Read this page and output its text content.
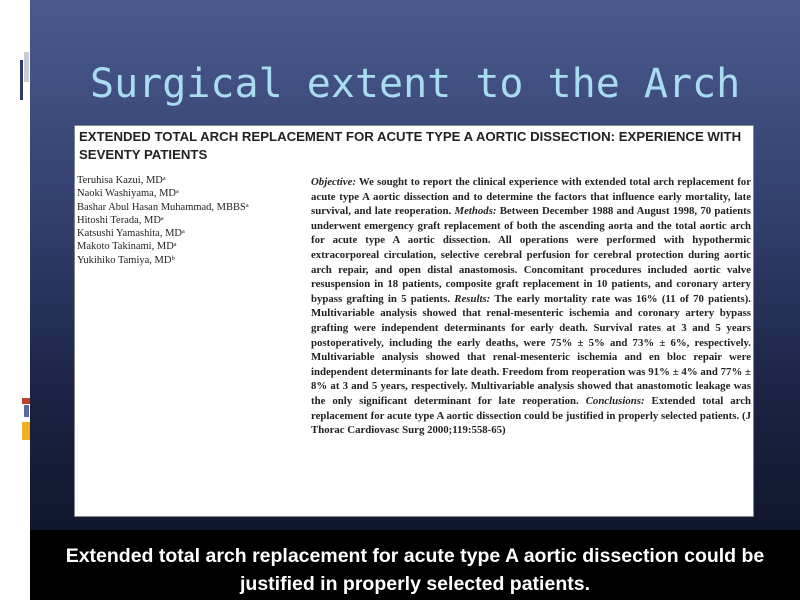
Surgical extent to the Arch
EXTENDED TOTAL ARCH REPLACEMENT FOR ACUTE TYPE A AORTIC DISSECTION: EXPERIENCE WITH SEVENTY PATIENTS
Teruhisa Kazui, MDᵃ
Naoki Washiyama, MDᵃ
Bashar Abul Hasan Muhammad, MBBSᵃ
Hitoshi Terada, MDᵃ
Katsushi Yamashita, MDᵃ
Makoto Takinami, MDᵃ
Yukihiko Tamiya, MDᵇ
Objective: We sought to report the clinical experience with extended total arch replacement for acute type A aortic dissection and to determine the factors that influence early mortality, late survival, and late reoperation. Methods: Between December 1988 and August 1998, 70 patients underwent emergency graft replacement of both the ascending aorta and the total aortic arch for acute type A aortic dissection. All operations were performed with hypothermic extracorporeal circulation, selective cerebral perfusion for cerebral protection during aortic arch repair, and open distal anastomosis. Concomitant procedures included aortic valve resuspension in 18 patients, composite graft replacement in 10 patients, and coronary artery bypass grafting in 5 patients. Results: The early mortality rate was 16% (11 of 70 patients). Multivariable analysis showed that renal-mesenteric ischemia and coronary artery bypass grafting were independent determinants for early death. Survival rates at 3 and 5 years postoperatively, including the early deaths, were 75% ± 5% and 73% ± 6%, respectively. Multivariable analysis showed that renal-mesenteric ischemia and en bloc repair were independent determinants for late death. Freedom from reoperation was 91% ± 4% and 77% ± 8% at 3 and 5 years, respectively. Multivariable analysis showed that anastomotic leakage was the only significant determinant for late reoperation. Conclusions: Extended total arch replacement for acute type A aortic dissection could be justified in properly selected patients. (J Thorac Cardiovasc Surg 2000;119:558-65)
Extended total arch replacement for acute type A aortic dissection could be justified in properly selected patients.
